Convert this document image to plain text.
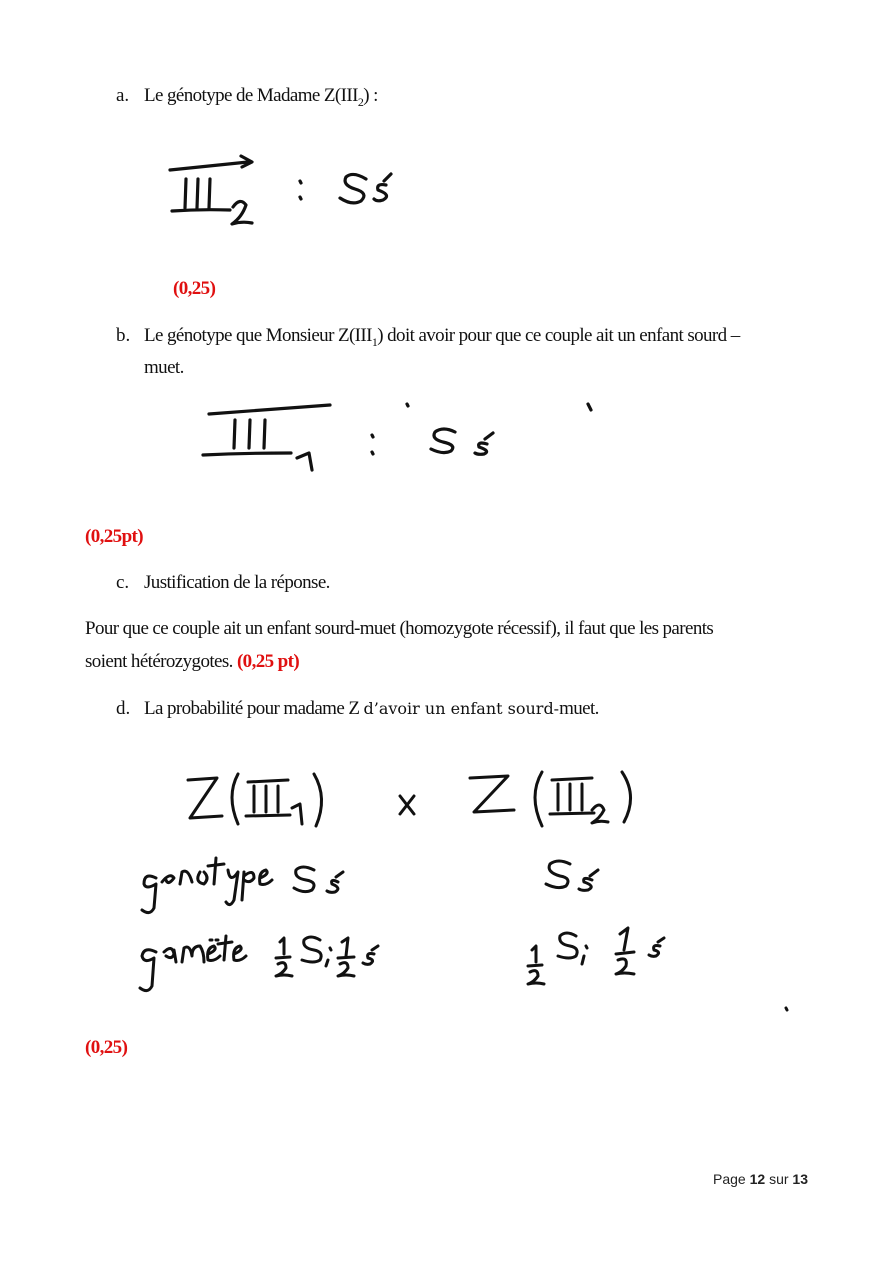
a. Le génotype de Madame $Z(III_2)$ :
(0,25)
b. Le génotype que Monsieur $Z(III_1)$ doit avoir pour que ce couple ait un enfant sourd –
muet.
(0,25pt)
c. Justification de la réponse.
Pour que ce couple ait un enfant sourd-muet (homozygote récessif), il faut que les parents
soient hétérozygotes. (0,25 pt)
d. La probabilité pour madame Z d’avoir un enfant sourd-muet.
(0,25)
Page 12 sur 13
